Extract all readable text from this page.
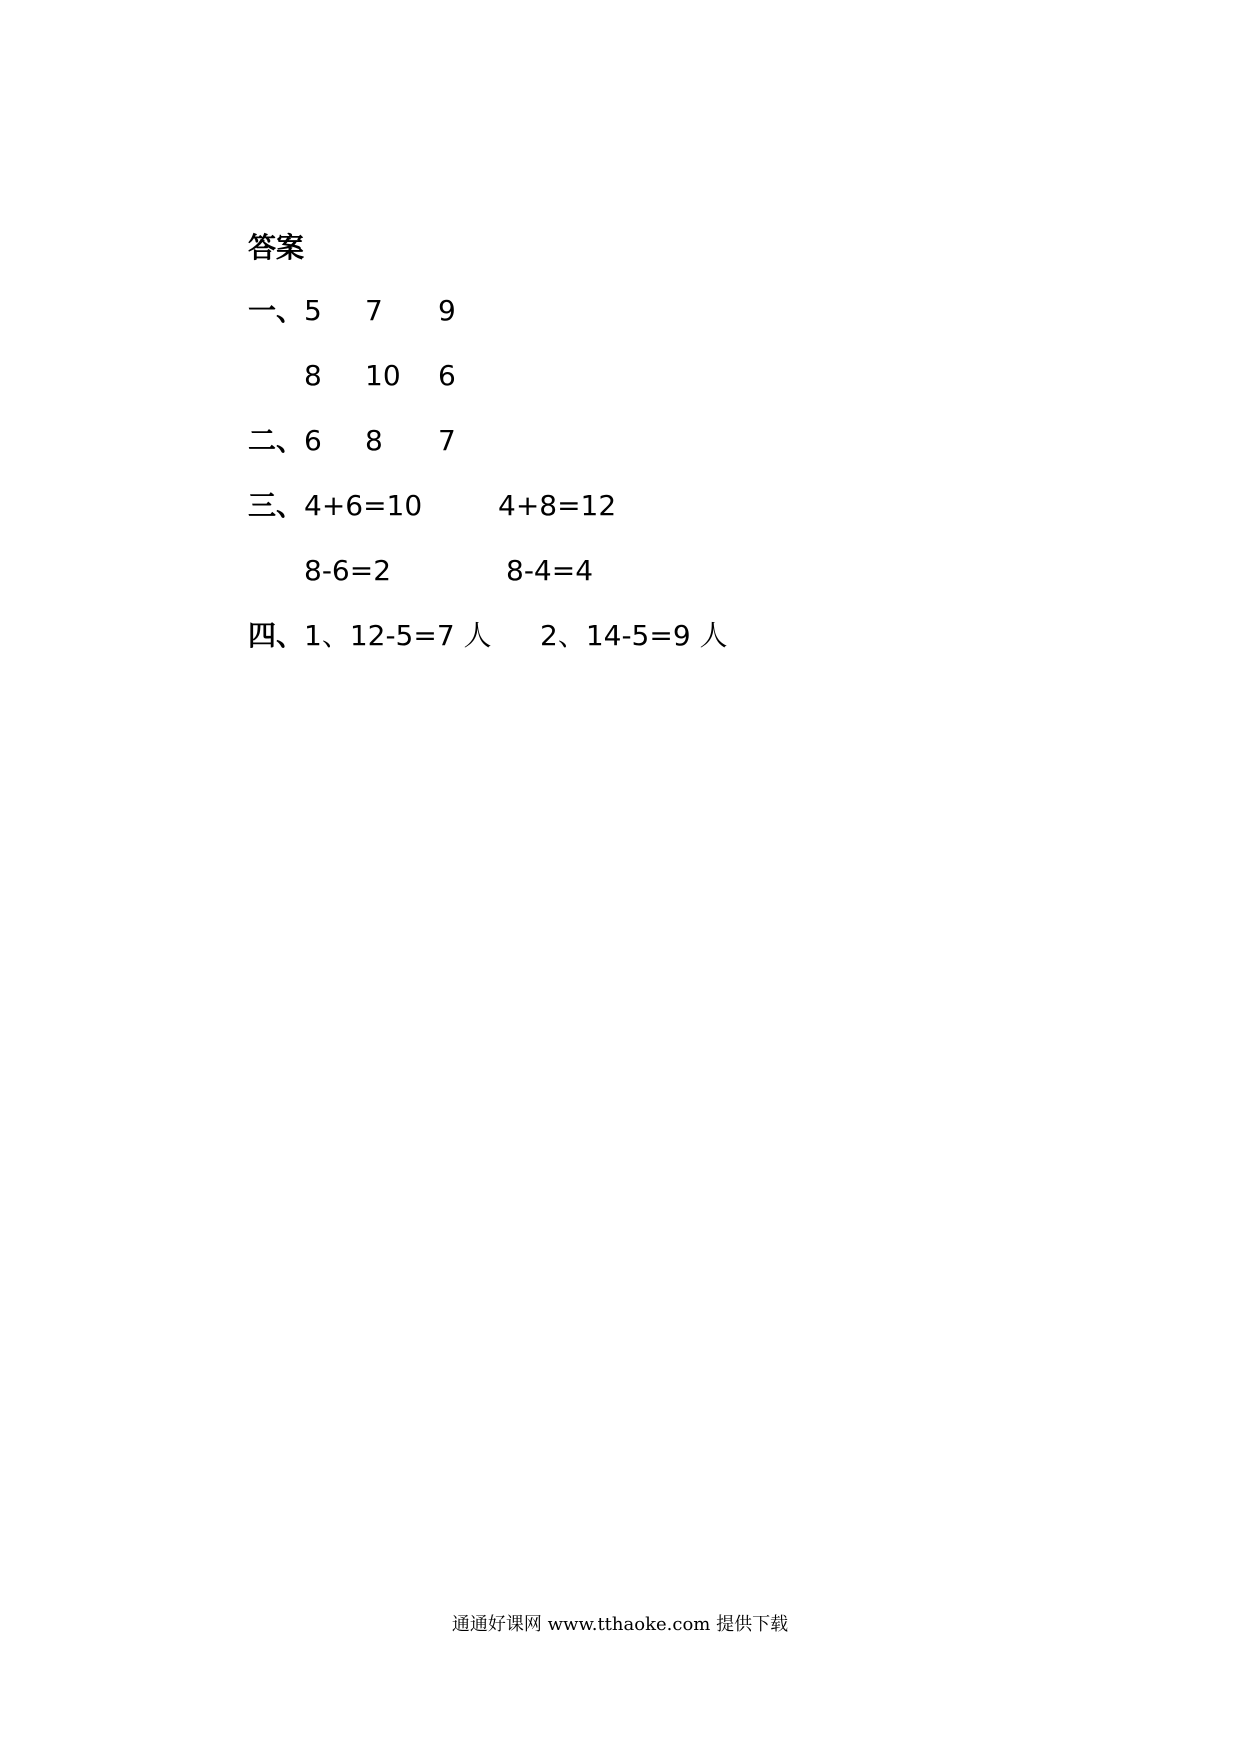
答案
一、 5 7 9
8 10 6
二、 6 8 7
三、 4+6=10	4+8=12
8-6=2	8-4=4
四、 1、12-5=7 人 2、14-5=9 人
通通好课网 www.tthaoke.com 提供下载
